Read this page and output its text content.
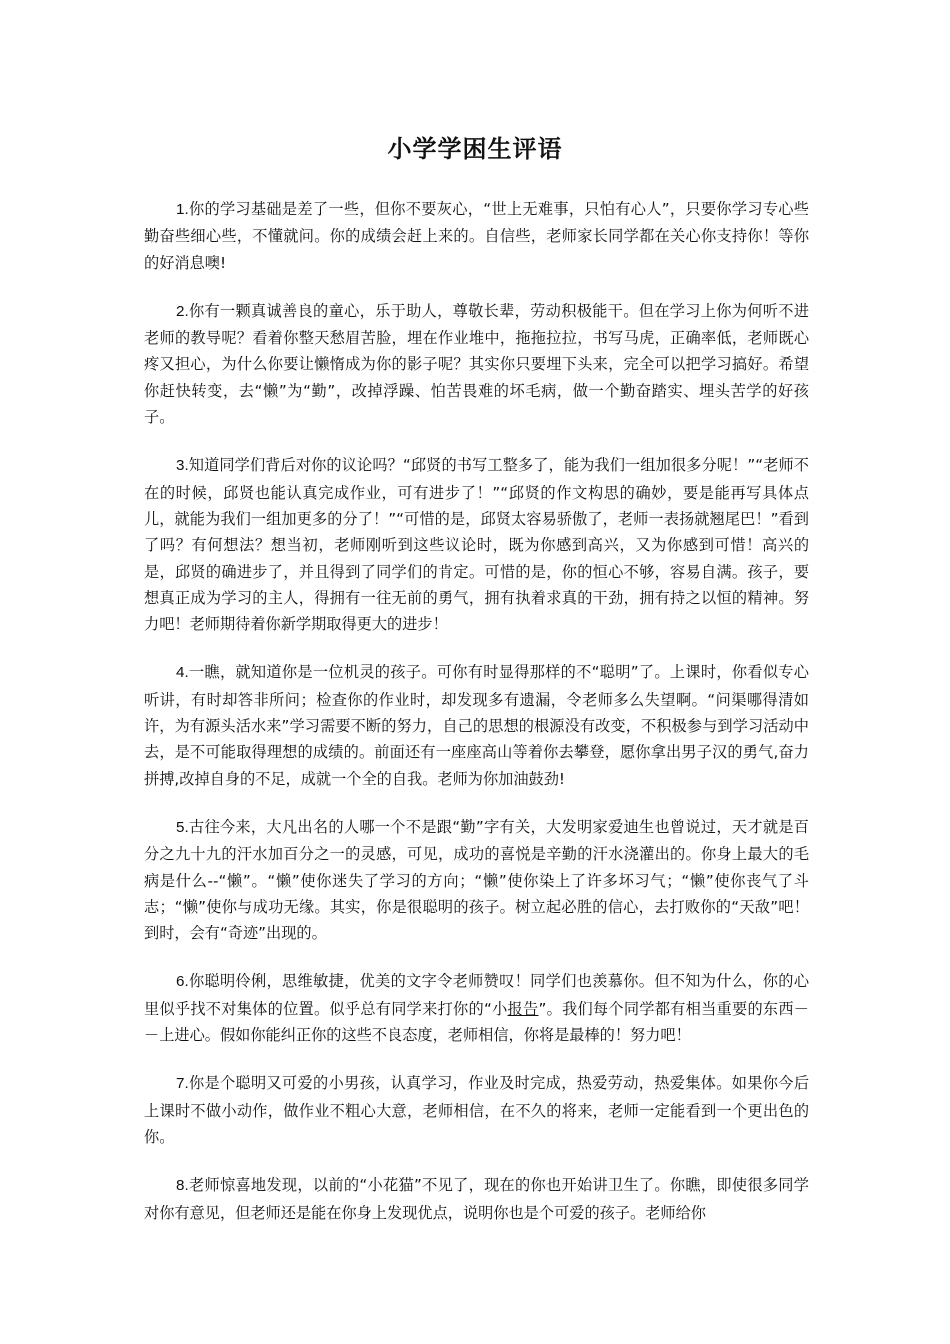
小学学困生评语

1.你的学习基础是差了一些，但你不要灰心，“世上无难事，只怕有心人”，只要你学习专心些勤奋些细心些，不懂就问。你的成绩会赶上来的。自信些，老师家长同学都在关心你支持你！等你的好消息噢!

2.你有一颗真诚善良的童心，乐于助人，尊敬长辈，劳动积极能干。但在学习上你为何听不进老师的教导呢？看着你整天愁眉苦脸，埋在作业堆中，拖拖拉拉，书写马虎，正确率低，老师既心疼又担心，为什么你要让懒惰成为你的影子呢？其实你只要埋下头来，完全可以把学习搞好。希望你赶快转变，去“懒”为“勤”，改掉浮躁、怕苦畏难的坏毛病，做一个勤奋踏实、埋头苦学的好孩子。

3.知道同学们背后对你的议论吗？“邱贤的书写工整多了，能为我们一组加很多分呢！”“老师不在的时候，邱贤也能认真完成作业，可有进步了！”“邱贤的作文构思的确妙，要是能再写具体点儿，就能为我们一组加更多的分了！”“可惜的是，邱贤太容易骄傲了，老师一表扬就翘尾巴！”看到了吗？有何想法？想当初，老师刚听到这些议论时，既为你感到高兴，又为你感到可惜！高兴的是，邱贤的确进步了，并且得到了同学们的肯定。可惜的是，你的恒心不够，容易自满。孩子，要想真正成为学习的主人，得拥有一往无前的勇气，拥有执着求真的干劲，拥有持之以恒的精神。努力吧！老师期待着你新学期取得更大的进步！

4.一瞧，就知道你是一位机灵的孩子。可你有时显得那样的不“聪明”了。上课时，你看似专心听讲，有时却答非所问；检查你的作业时，却发现多有遗漏，令老师多么失望啊。“问渠哪得清如许，为有源头活水来”学习需要不断的努力，自己的思想的根源没有改变，不积极参与到学习活动中去，是不可能取得理想的成绩的。前面还有一座座高山等着你去攀登，愿你拿出男子汉的勇气,奋力拼搏,改掉自身的不足，成就一个全的自我。老师为你加油鼓劲!

5.古往今来，大凡出名的人哪一个不是跟“勤”字有关，大发明家爱迪生也曾说过，天才就是百分之九十九的汗水加百分之一的灵感，可见，成功的喜悦是辛勤的汗水浇灌出的。你身上最大的毛病是什么--“懒”。“懒”使你迷失了学习的方向；“懒”使你染上了许多坏习气；“懒”使你丧气了斗志；“懒”使你与成功无缘。其实，你是很聪明的孩子。树立起必胜的信心，去打败你的“天敌”吧！到时，会有“奇迹”出现的。

6.你聪明伶俐，思维敏捷，优美的文字令老师赞叹！同学们也羡慕你。但不知为什么，你的心里似乎找不对集体的位置。似乎总有同学来打你的“小报告”。我们每个同学都有相当重要的东西－－上进心。假如你能纠正你的这些不良态度，老师相信，你将是最棒的！努力吧！

7.你是个聪明又可爱的小男孩，认真学习，作业及时完成，热爱劳动，热爱集体。如果你今后上课时不做小动作，做作业不粗心大意，老师相信，在不久的将来，老师一定能看到一个更出色的你。

8.老师惊喜地发现，以前的“小花猫”不见了，现在的你也开始讲卫生了。你瞧，即使很多同学对你有意见，但老师还是能在你身上发现优点，说明你也是个可爱的孩子。老师给你
